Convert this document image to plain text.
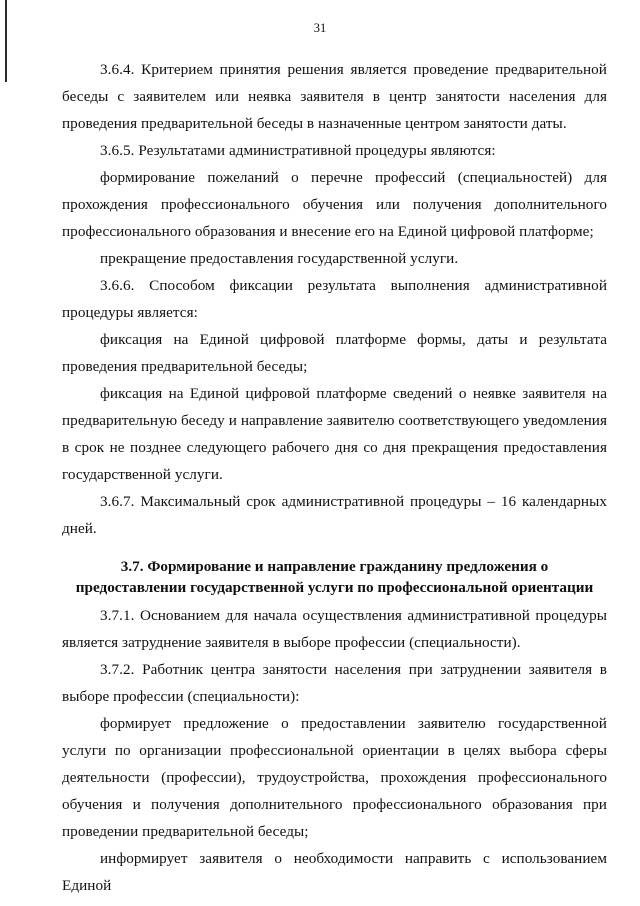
31

3.6.4. Критерием принятия решения является проведение предварительной беседы с заявителем или неявка заявителя в центр занятости населения для проведения предварительной беседы в назначенные центром занятости даты.

3.6.5. Результатами административной процедуры являются:

формирование пожеланий о перечне профессий (специальностей) для прохождения профессионального обучения или получения дополнительного профессионального образования и внесение его на Единой цифровой платформе;

прекращение предоставления государственной услуги.

3.6.6. Способом фиксации результата выполнения административной процедуры является:

фиксация на Единой цифровой платформе формы, даты и результата проведения предварительной беседы;

фиксация на Единой цифровой платформе сведений о неявке заявителя на предварительную беседу и направление заявителю соответствующего уведомления в срок не позднее следующего рабочего дня со дня прекращения предоставления государственной услуги.

3.6.7. Максимальный срок административной процедуры – 16 календарных дней.

3.7. Формирование и направление гражданину предложения о
предоставлении государственной услуги по профессиональной ориентации

3.7.1. Основанием для начала осуществления административной процедуры является затруднение заявителя в выборе профессии (специальности).

3.7.2. Работник центра занятости населения при затруднении заявителя в выборе профессии (специальности):

формирует предложение о предоставлении заявителю государственной услуги по организации профессиональной ориентации в целях выбора сферы деятельности (профессии), трудоустройства, прохождения профессионального обучения и получения дополнительного профессионального образования при проведении предварительной беседы;

информирует заявителя о необходимости направить с использованием Единой
